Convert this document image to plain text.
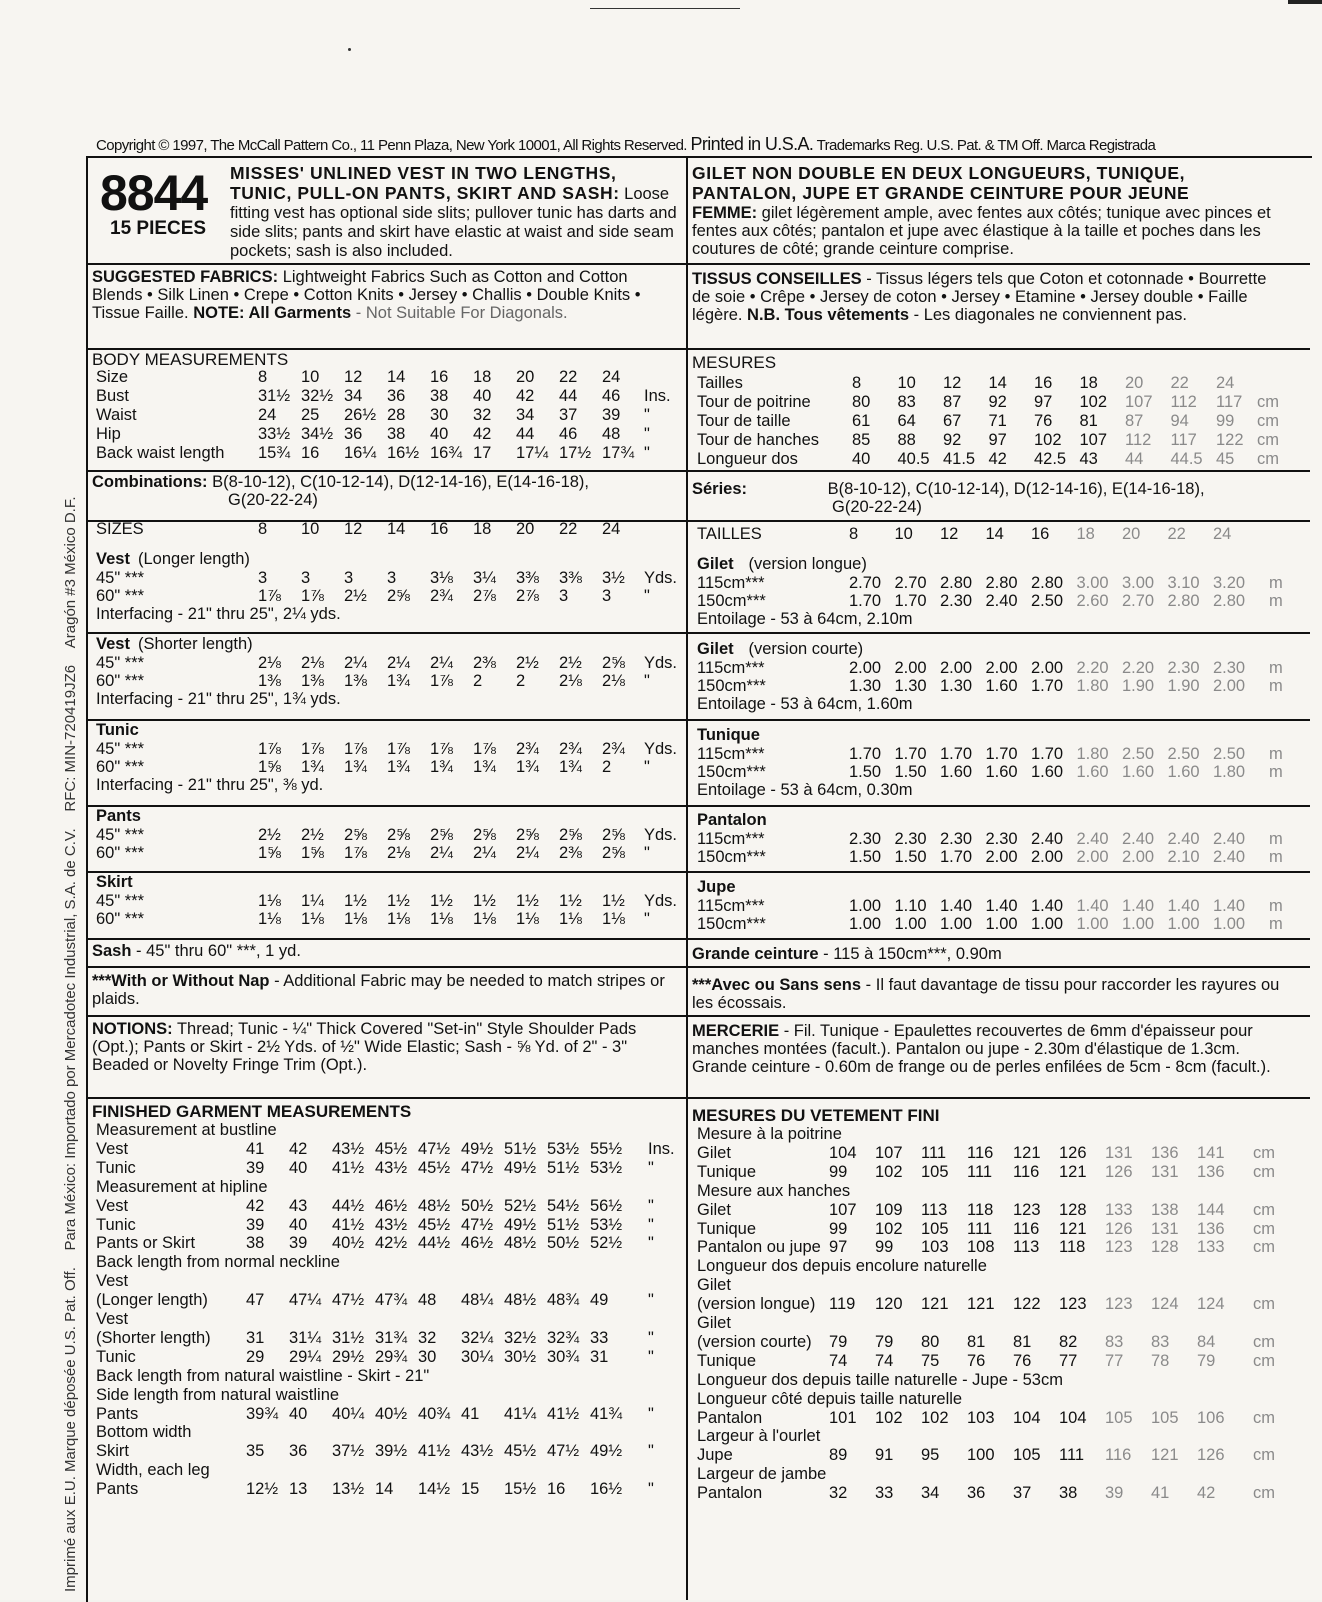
Imprimé aux E.U. Marque déposée U.S. Pat. Off.    Para México: Importado por Mercadotec Industrial, S.A. de C.V.    RFC: MIN-720419JZ6    Aragón #3 México D.F.
Copyright © 1997, The McCall Pattern Co., 11 Penn Plaza, New York 10001, All Rights Reserved. Printed in U.S.A. Trademarks Reg. U.S. Pat. & TM Off. Marca Registrada
8844
15 PIECES
MISSES' UNLINED VEST IN TWO LENGTHS, TUNIC, PULL-ON PANTS, SKIRT AND SASH: Loose fitting vest has optional side slits; pullover tunic has darts and side slits; pants and skirt have elastic at waist and side seam pockets; sash is also included.
GILET NON DOUBLE EN DEUX LONGUEURS, TUNIQUE, PANTALON, JUPE ET GRANDE CEINTURE POUR JEUNE
FEMME: gilet légèrement ample, avec fentes aux côtés; tunique avec pinces et fentes aux côtés; pantalon et jupe avec élastique à la taille et poches dans les coutures de côté; grande ceinture comprise.
SUGGESTED FABRICS: Lightweight Fabrics Such as Cotton and Cotton Blends • Silk Linen • Crepe • Cotton Knits • Jersey • Challis • Double Knits • Tissue Faille. NOTE: All Garments - Not Suitable For Diagonals.
TISSUS CONSEILLES - Tissus légers tels que Coton et cotonnade • Bourrette de soie • Crêpe • Jersey de coton • Jersey • Etamine • Jersey double • Faille légère. N.B. Tous vêtements - Les diagonales ne conviennent pas.
BODY MEASUREMENTS	MESURES
Size	8 10 12 14 16 18 20 22 24
Bust	31½ 32½ 34 36 38 40 42 44 46 Ins.
Waist	24 25 26½ 28 30 32 34 37 39 "
Hip	33½ 34½ 36 38 40 42 44 46 48 "
Back waist length 15¾ 16 16¼ 16½ 16¾ 17 17¼ 17½ 17¾ "
Tailles	8 10 12 14 16 18 20 22 24
Tour de poitrine	80 83 87 92 97 102 107 112 117 cm
Tour de taille	61 64 67 71 76 81 87 94 99 cm
Tour de hanches 85 88 92 97 102 107 112 117 122 cm
Longueur dos	40 40.5 41.5 42 42.5 43 44 44.5 45 cm
Combinations: B(8-10-12), C(10-12-14), D(12-14-16), E(14-16-18),
G(20-22-24)
Séries:	B(8-10-12), C(10-12-14), D(12-14-16), E(14-16-18),
G(20-22-24)
SIZES	8 10 12 14 16 18 20 22 24
Vest (Longer length)
45" ***	3 3 3 3 3⅛ 3¼ 3⅜ 3⅜ 3½ Yds.
60" ***	1⅞ 1⅞ 2½ 2⅝ 2¾ 2⅞ 2⅞ 3 3 "
Interfacing - 21" thru 25", 2¼ yds.
Vest (Shorter length)
45" ***	2⅛ 2⅛ 2¼ 2¼ 2¼ 2⅜ 2½ 2½ 2⅝ Yds.
60" ***	1⅜ 1⅜ 1⅜ 1¾ 1⅞ 2 2 2⅛ 2⅛ "
Interfacing - 21" thru 25", 1¾ yds.
Tunic
45" ***	1⅞ 1⅞ 1⅞ 1⅞ 1⅞ 1⅞ 2¾ 2¾ 2¾ Yds.
60" ***	1⅝ 1¾ 1¾ 1¾ 1¾ 1¾ 1¾ 1¾ 2 "
Interfacing - 21" thru 25", ⅜ yd.
Pants
45" ***	2½ 2½ 2⅝ 2⅝ 2⅝ 2⅝ 2⅝ 2⅝ 2⅝ Yds.
60" ***	1⅝ 1⅝ 1⅞ 2⅛ 2¼ 2¼ 2¼ 2⅜ 2⅝ "
Skirt
45" ***	1⅛ 1¼ 1½ 1½ 1½ 1½ 1½ 1½ 1½ Yds.
60" ***	1⅛ 1⅛ 1⅛ 1⅛ 1⅛ 1⅛ 1⅛ 1⅛ 1⅛ "
TAILLES	8 10 12 14 16 18 20 22 24
Gilet (version longue)
115cm***	2.70 2.70 2.80 2.80 2.80 3.00 3.00 3.10 3.20 m
150cm***	1.70 1.70 2.30 2.40 2.50 2.60 2.70 2.80 2.80 m
Entoilage - 53 à 64cm, 2.10m
Gilet (version courte)
115cm***	2.00 2.00 2.00 2.00 2.00 2.20 2.20 2.30 2.30 m
150cm***	1.30 1.30 1.30 1.60 1.70 1.80 1.90 1.90 2.00 m
Entoilage - 53 à 64cm, 1.60m
Tunique
115cm***	1.70 1.70 1.70 1.70 1.70 1.80 2.50 2.50 2.50 m
150cm***	1.50 1.50 1.60 1.60 1.60 1.60 1.60 1.60 1.80 m
Entoilage - 53 à 64cm, 0.30m
Pantalon
115cm***	2.30 2.30 2.30 2.30 2.40 2.40 2.40 2.40 2.40 m
150cm***	1.50 1.50 1.70 2.00 2.00 2.00 2.00 2.10 2.40 m
Jupe
115cm***	1.00 1.10 1.40 1.40 1.40 1.40 1.40 1.40 1.40 m
150cm***	1.00 1.00 1.00 1.00 1.00 1.00 1.00 1.00 1.00 m
Sash - 45" thru 60" ***, 1 yd.	Grande ceinture - 115 à 150cm***, 0.90m
***With or Without Nap - Additional Fabric may be needed to match stripes or plaids.
***Avec ou Sans sens - Il faut davantage de tissu pour raccorder les rayures ou les écossais.
NOTIONS: Thread; Tunic - ¼" Thick Covered "Set-in" Style Shoulder Pads (Opt.); Pants or Skirt - 2½ Yds. of ½" Wide Elastic; Sash - ⅝ Yd. of 2" - 3" Beaded or Novelty Fringe Trim (Opt.).
MERCERIE - Fil. Tunique - Epaulettes recouvertes de 6mm d'épaisseur pour manches montées (facult.). Pantalon ou jupe - 2.30m d'élastique de 1.3cm. Grande ceinture - 0.60m de frange ou de perles enfilées de 5cm - 8cm (facult.).
FINISHED GARMENT MEASUREMENTS	MESURES DU VETEMENT FINI
Measurement at bustline
Vest	41 42 43½ 45½ 47½ 49½ 51½ 53½ 55½ Ins.
Tunic	39 40 41½ 43½ 45½ 47½ 49½ 51½ 53½ "
Measurement at hipline
Vest	42 43 44½ 46½ 48½ 50½ 52½ 54½ 56½ "
Tunic	39 40 41½ 43½ 45½ 47½ 49½ 51½ 53½ "
Pants or Skirt	38 39 40½ 42½ 44½ 46½ 48½ 50½ 52½ "
Back length from normal neckline
Vest
(Longer length) 47 47¼ 47½ 47¾ 48 48¼ 48½ 48¾ 49 "
Vest
(Shorter length) 31 31¼ 31½ 31¾ 32 32¼ 32½ 32¾ 33 "
Tunic	29 29¼ 29½ 29¾ 30 30¼ 30½ 30¾ 31 "
Back length from natural waistline - Skirt - 21"
Side length from natural waistline
Pants	39¾ 40 40¼ 40½ 40¾ 41 41¼ 41½ 41¾ "
Bottom width
Skirt	35 36 37½ 39½ 41½ 43½ 45½ 47½ 49½ "
Width, each leg
Pants	12½ 13 13½ 14 14½ 15 15½ 16 16½ "
Mesure à la poitrine
Gilet	104 107 111 116 121 126 131 136 141 cm
Tunique	99 102 105 111 116 121 126 131 136 cm
Mesure aux hanches
Gilet	107 109 113 118 123 128 133 138 144 cm
Tunique	99 102 105 111 116 121 126 131 136 cm
Pantalon ou jupe 97 99 103 108 113 118 123 128 133 cm
Longueur dos depuis encolure naturelle
Gilet
(version longue) 119 120 121 121 122 123 123 124 124 cm
Gilet
(version courte) 79 79 80 81 81 82 83 83 84 cm
Tunique	74 74 75 76 76 77 77 78 79 cm
Longueur dos depuis taille naturelle - Jupe - 53cm
Longueur côté depuis taille naturelle
Pantalon	101 102 102 103 104 104 105 105 106 cm
Largeur à l'ourlet
Jupe	89 91 95 100 105 111 116 121 126 cm
Largeur de jambe
Pantalon	32 33 34 36 37 38 39 41 42 cm
